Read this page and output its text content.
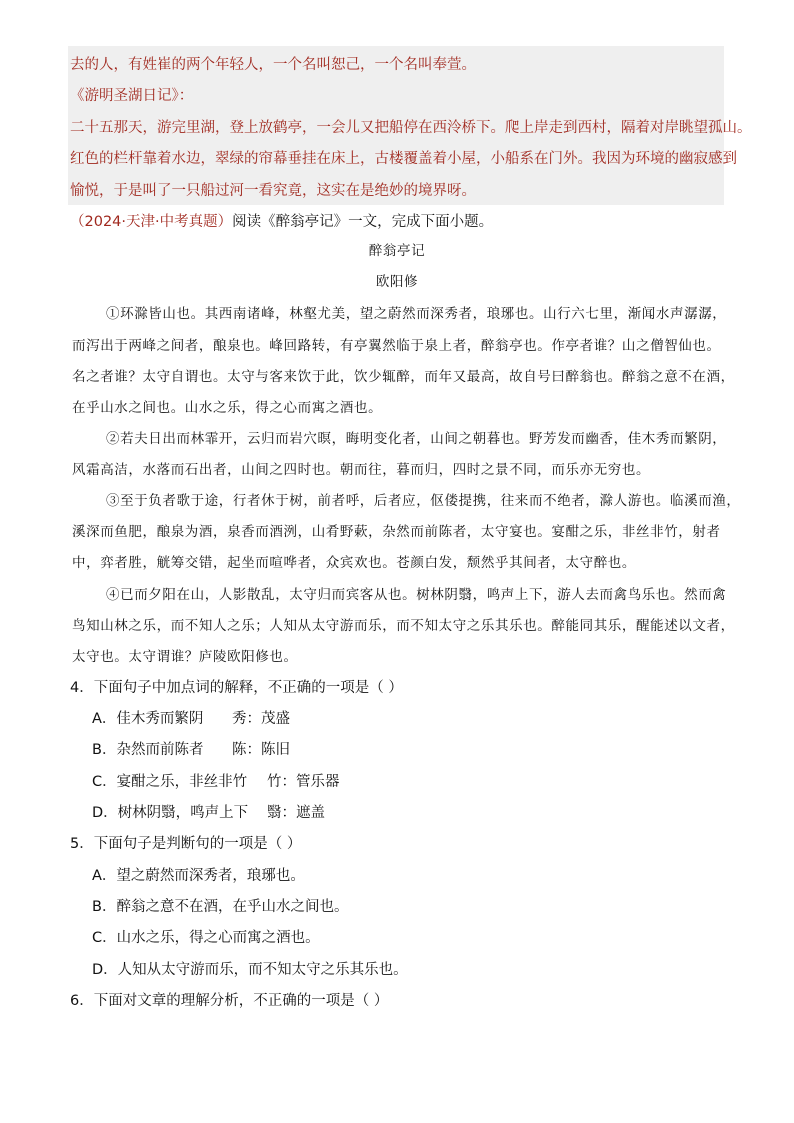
去的人，有姓崔的两个年轻人，一个名叫恕己，一个名叫奉萱。
《游明圣湖日记》：
二十五那天，游完里湖，登上放鹤亭，一会儿又把船停在西泠桥下。爬上岸走到西村，隔着对岸眺望孤山。
红色的栏杆靠着水边，翠绿的帘幕垂挂在床上，古楼覆盖着小屋，小船系在门外。我因为环境的幽寂感到
愉悦，于是叫了一只船过河一看究竟，这实在是绝妙的境界呀。
（2024·天津·中考真题）阅读《醉翁亭记》一文，完成下面小题。
醉翁亭记
欧阳修
①环滁皆山也。其西南诸峰，林壑尤美，望之蔚然而深秀者，琅琊也。山行六七里，渐闻水声潺潺，
而泻出于两峰之间者，酿泉也。峰回路转，有亭翼然临于泉上者，醉翁亭也。作亭者谁？山之僧智仙也。
名之者谁？太守自谓也。太守与客来饮于此，饮少辄醉，而年又最高，故自号曰醉翁也。醉翁之意不在酒，
在乎山水之间也。山水之乐，得之心而寓之酒也。
②若夫日出而林霏开，云归而岩穴暝，晦明变化者，山间之朝暮也。野芳发而幽香，佳木秀而繁阴，
风霜高洁，水落而石出者，山间之四时也。朝而往，暮而归，四时之景不同，而乐亦无穷也。
③至于负者歌于途，行者休于树，前者呼，后者应，伛偻提携，往来而不绝者，滁人游也。临溪而渔，
溪深而鱼肥，酿泉为酒，泉香而酒洌，山肴野蔌，杂然而前陈者，太守宴也。宴酣之乐，非丝非竹，射者
中，弈者胜，觥筹交错，起坐而喧哗者，众宾欢也。苍颜白发，颓然乎其间者，太守醉也。
④已而夕阳在山，人影散乱，太守归而宾客从也。树林阴翳，鸣声上下，游人去而禽鸟乐也。然而禽
鸟知山林之乐，而不知人之乐；人知从太守游而乐，而不知太守之乐其乐也。醉能同其乐，醒能述以文者，
太守也。太守谓谁？庐陵欧阳修也。
4．下面句子中加点词的解释，不正确的一项是（ ）
A．佳木秀而繁阴 秀：茂盛
B．杂然而前陈者 陈：陈旧
C．宴酣之乐，非丝非竹 竹：管乐器
D．树林阴翳，鸣声上下 翳：遮盖
5．下面句子是判断句的一项是（ ）
A．望之蔚然而深秀者，琅琊也。
B．醉翁之意不在酒，在乎山水之间也。
C．山水之乐，得之心而寓之酒也。
D．人知从太守游而乐，而不知太守之乐其乐也。
6．下面对文章的理解分析，不正确的一项是（ ）
